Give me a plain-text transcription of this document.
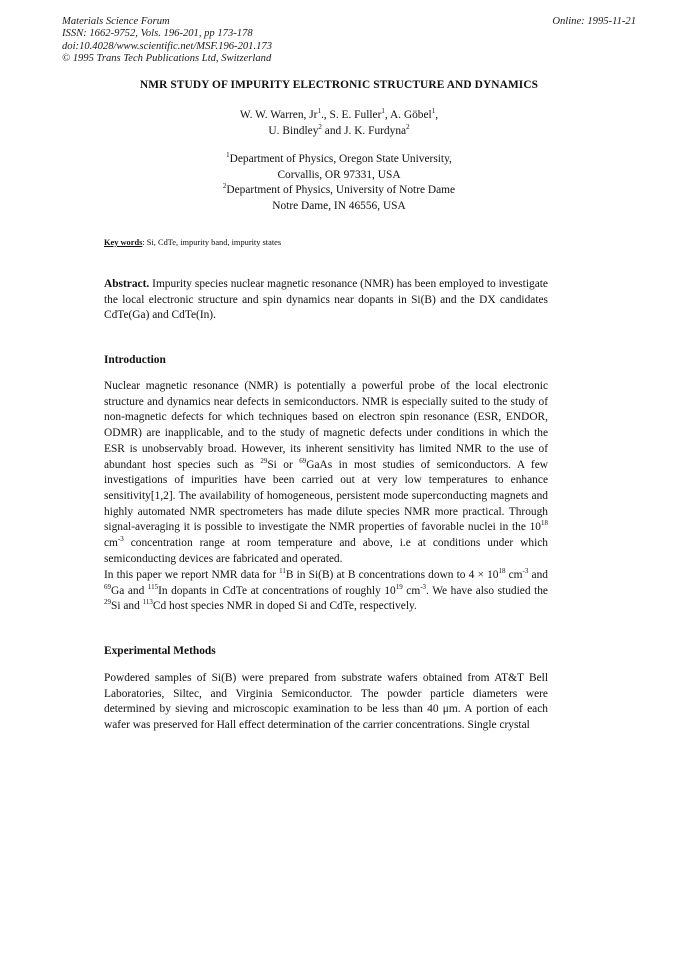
Materials Science Forum
ISSN: 1662-9752, Vols. 196-201, pp 173-178
doi:10.4028/www.scientific.net/MSF.196-201.173
© 1995 Trans Tech Publications Ltd, Switzerland
Online: 1995-11-21
NMR STUDY OF IMPURITY ELECTRONIC STRUCTURE AND DYNAMICS
W. W. Warren, Jr$^1$., S. E. Fuller$^1$, A. Göbel$^1$,
U. Bindley$^2$ and J. K. Furdyna$^2$
$^1$Department of Physics, Oregon State University,
Corvallis, OR 97331, USA
$^2$Department of Physics, University of Notre Dame
Notre Dame, IN 46556, USA
Key words: Si, CdTe, impurity band, impurity states

Abstract. Impurity species nuclear magnetic resonance (NMR) has been employed to investigate the local electronic structure and spin dynamics near dopants in Si(B) and the DX candidates CdTe(Ga) and CdTe(In).

Introduction

Nuclear magnetic resonance (NMR) is potentially a powerful probe of the local electronic structure and dynamics near defects in semiconductors. NMR is especially suited to the study of non-magnetic defects for which techniques based on electron spin resonance (ESR, ENDOR, ODMR) are inapplicable, and to the study of magnetic defects under conditions in which the ESR is unobservably broad. However, its inherent sensitivity has limited NMR to the use of abundant host species such as $^{29}$Si or $^{69}$GaAs in most studies of semiconductors. A few investigations of impurities have been carried out at very low temperatures to enhance sensitivity[1,2]. The availability of homogeneous, persistent mode superconducting magnets and highly automated NMR spectrometers has made dilute species NMR more practical. Through signal-averaging it is possible to investigate the NMR properties of favorable nuclei in the $10^{18}$ $cm^{-3}$ concentration range at room temperature and above, i.e at conditions under which semiconducting devices are fabricated and operated.

In this paper we report NMR data for $^{11}$B in Si(B) at B concentrations down to $4 \times 10^{18}$ $cm^{-3}$ and $^{69}$Ga and $^{115}$In dopants in CdTe at concentrations of roughly $10^{19}$ $cm^{-3}$. We have also studied the $^{29}$Si and $^{113}$Cd host species NMR in doped Si and CdTe, respectively.

Experimental Methods

Powdered samples of Si(B) were prepared from substrate wafers obtained from AT&T Bell Laboratories, Siltec, and Virginia Semiconductor. The powder particle diameters were determined by sieving and microscopic examination to be less than 40 μm. A portion of each wafer was preserved for Hall effect determination of the carrier concentrations. Single crystal
